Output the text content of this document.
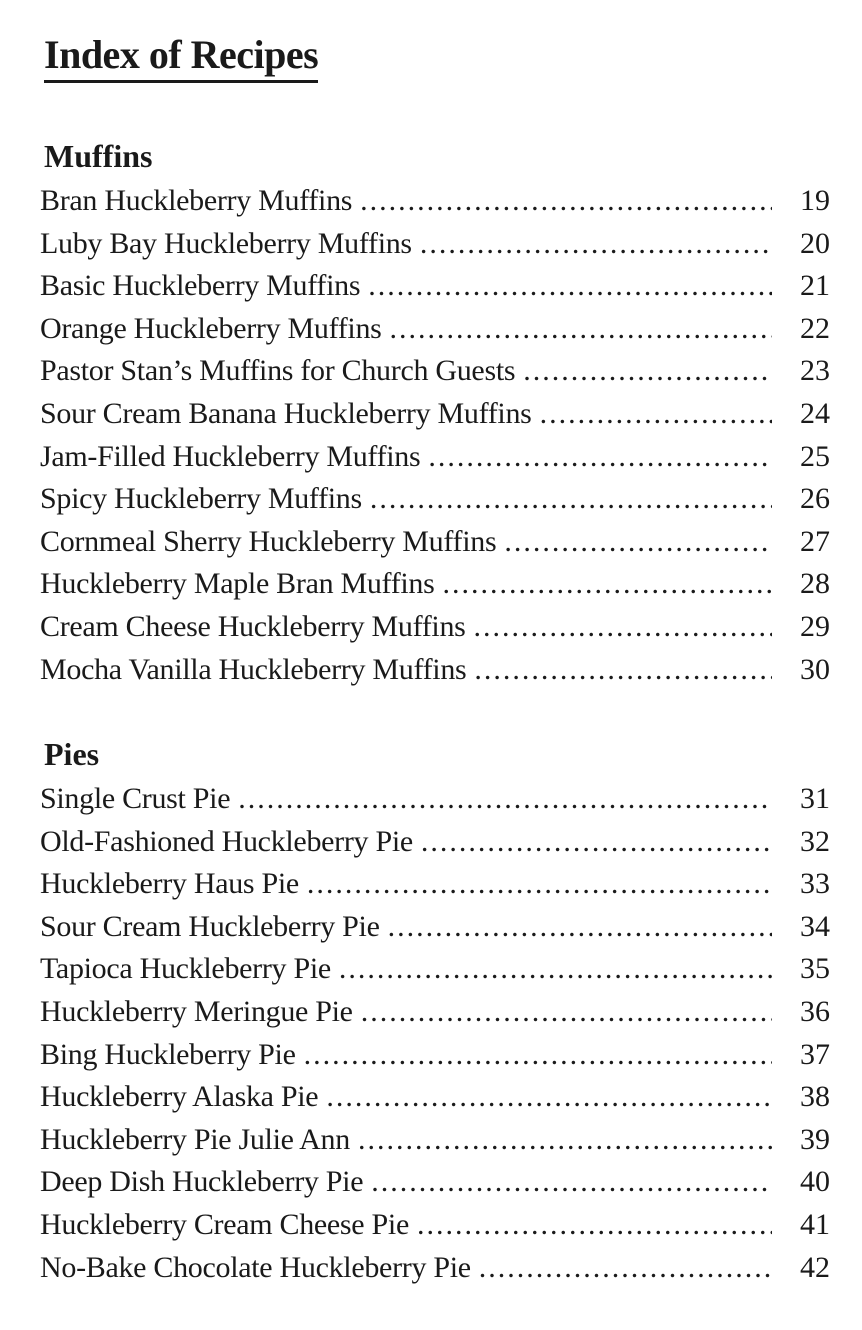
Index of Recipes
Muffins
Bran Huckleberry Muffins .....	19
Luby Bay Huckleberry Muffins .....	20
Basic Huckleberry Muffins .....	21
Orange Huckleberry Muffins .....	22
Pastor Stan’s Muffins for Church Guests .....	23
Sour Cream Banana Huckleberry Muffins .....	24
Jam-Filled Huckleberry Muffins .....	25
Spicy Huckleberry Muffins .....	26
Cornmeal Sherry Huckleberry Muffins .....	27
Huckleberry Maple Bran Muffins .....	28
Cream Cheese Huckleberry Muffins .....	29
Mocha Vanilla Huckleberry Muffins .....	30
Pies
Single Crust Pie .....	31
Old-Fashioned Huckleberry Pie .....	32
Huckleberry Haus Pie .....	33
Sour Cream Huckleberry Pie .....	34
Tapioca Huckleberry Pie .....	35
Huckleberry Meringue Pie .....	36
Bing Huckleberry Pie .....	37
Huckleberry Alaska Pie .....	38
Huckleberry Pie Julie Ann .....	39
Deep Dish Huckleberry Pie .....	40
Huckleberry Cream Cheese Pie .....	41
No-Bake Chocolate Huckleberry Pie .....	42
